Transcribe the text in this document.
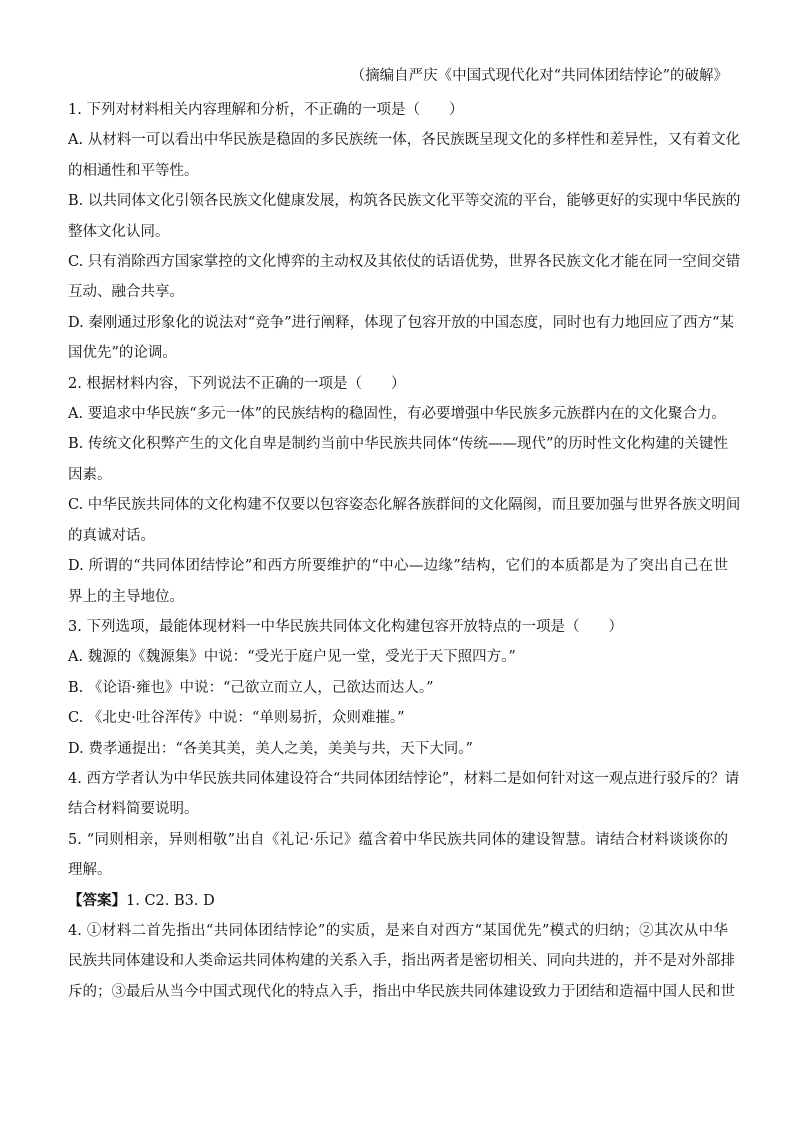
（摘编自严庆《中国式现代化对“共同体团结悖论”的破解》
1. 下列对材料相关内容理解和分析，不正确的一项是（　　）
A. 从材料一可以看出中华民族是稳固的多民族统一体，各民族既呈现文化的多样性和差异性，又有着文化
的相通性和平等性。
B. 以共同体文化引领各民族文化健康发展，构筑各民族文化平等交流的平台，能够更好的实现中华民族的
整体文化认同。
C. 只有消除西方国家掌控的文化博弈的主动权及其依仗的话语优势，世界各民族文化才能在同一空间交错
互动、融合共享。
D. 秦刚通过形象化的说法对“竞争”进行阐释，体现了包容开放的中国态度，同时也有力地回应了西方“某
国优先”的论调。
2. 根据材料内容，下列说法不正确的一项是（　　）
A. 要追求中华民族“多元一体”的民族结构的稳固性，有必要增强中华民族多元族群内在的文化聚合力。
B. 传统文化积弊产生的文化自卑是制约当前中华民族共同体“传统——现代”的历时性文化构建的关键性
因素。
C. 中华民族共同体的文化构建不仅要以包容姿态化解各族群间的文化隔阂，而且要加强与世界各族文明间
的真诚对话。
D. 所谓的“共同体团结悖论”和西方所要维护的“中心—边缘”结构，它们的本质都是为了突出自己在世
界上的主导地位。
3. 下列选项，最能体现材料一中华民族共同体文化构建包容开放特点的一项是（　　）
A. 魏源的《魏源集》中说：“受光于庭户见一堂，受光于天下照四方。”
B. 《论语·雍也》中说：“己欲立而立人，己欲达而达人。”
C. 《北史·吐谷浑传》中说：“单则易折，众则难摧。”
D. 费孝通提出：“各美其美，美人之美，美美与共，天下大同。”
4. 西方学者认为中华民族共同体建设符合“共同体团结悖论”，材料二是如何针对这一观点进行驳斥的？请
结合材料简要说明。
5. “同则相亲，异则相敬”出自《礼记·乐记》蕴含着中华民族共同体的建设智慧。请结合材料谈谈你的
理解。
【答案】1. C2. B3. D
4. ①材料二首先指出“共同体团结悖论”的实质，是来自对西方“某国优先”模式的归纳；②其次从中华
民族共同体建设和人类命运共同体构建的关系入手，指出两者是密切相关、同向共进的，并不是对外部排
斥的；③最后从当今中国式现代化的特点入手，指出中华民族共同体建设致力于团结和造福中国人民和世
